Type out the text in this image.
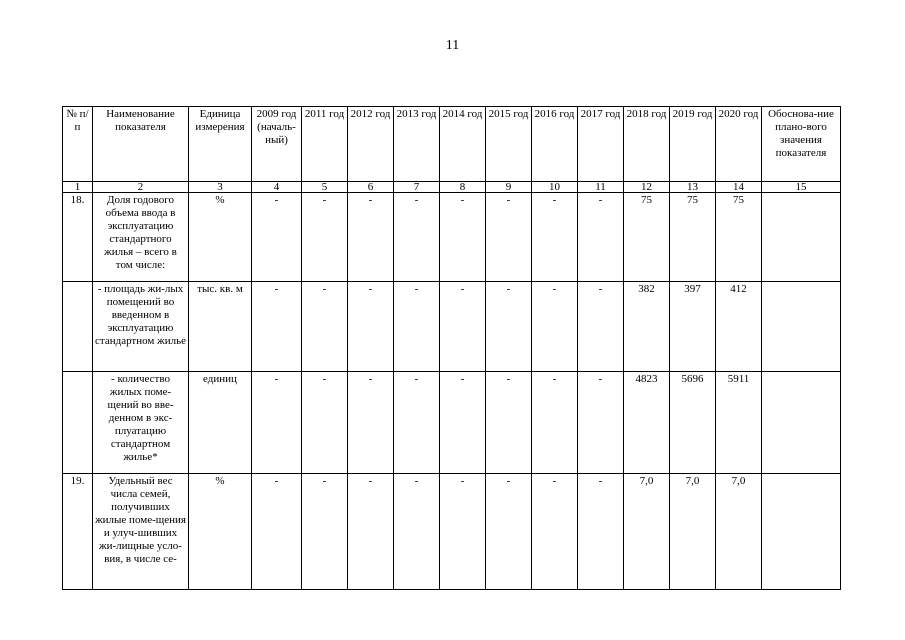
11
№ п/п	Наименование показателя	Единица измерения	2009 год (началь-ный)	2011 год	2012 год	2013 год	2014 год	2015 год	2016 год	2017 год	2018 год	2019 год	2020 год	Обоснова-ние плано-вого значения показателя
1	2	3	4	5	6	7	8	9	10	11	12	13	14	15
18.	Доля годового объема ввода в эксплуатацию стандартного жилья – всего в том числе:	%	-	-	-	-	-	-	-	-	75	75	75	
	- площадь жи-лых помещений во введенном в эксплуатацию стандартном жилье	тыс. кв. м	-	-	-	-	-	-	-	-	382	397	412	
	- количество жилых поме-щений во вве-денном в экс-плуатацию стандартном жилье*	единиц	-	-	-	-	-	-	-	-	4823	5696	5911	
19.	Удельный вес числа семей, получивших жилые поме-щения и улуч-шивших жи-лищные усло-вия, в числе се-	%	-	-	-	-	-	-	-	-	7,0	7,0	7,0	
